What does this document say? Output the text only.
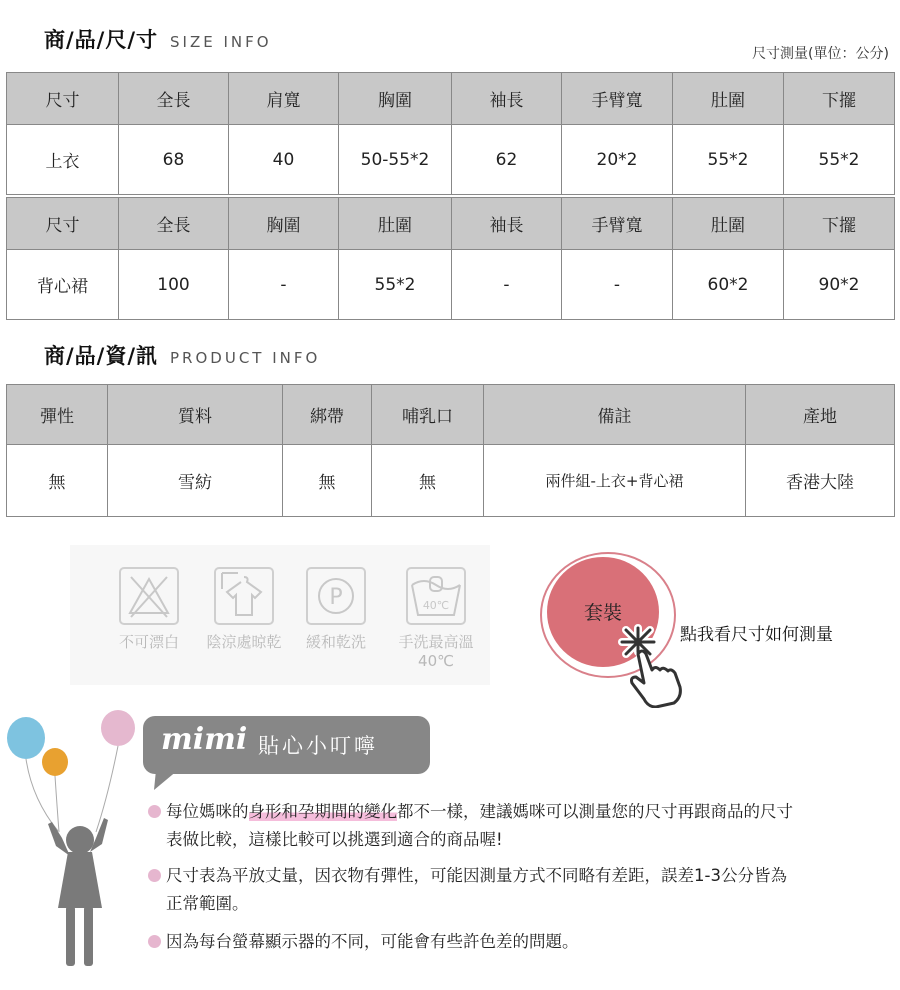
商/品/尺/寸 SIZE INFO
尺寸測量(單位：公分)
尺寸	全長	肩寬	胸圍	袖長	手臂寬	肚圍	下擺
上衣	68	40	50-55*2	62	20*2	55*2	55*2
尺寸	全長	胸圍	肚圍	袖長	手臂寬	肚圍	下擺
背心裙	100	-	55*2	-	-	60*2	90*2
商/品/資/訊 PRODUCT INFO
彈性	質料	綁帶	哺乳口	備註	產地
無	雪紡	無	無	兩件組-上衣+背心裙	香港大陸
不可漂白	陰涼處晾乾
P
緩和乾洗
40℃
手洗最高溫
40℃
套裝
點我看尺寸如何測量
mimi 貼心小叮嚀
每位媽咪的身形和孕期間的變化都不一樣，建議媽咪可以測量您的尺寸再跟商品的尺寸
表做比較，這樣比較可以挑選到適合的商品喔!
尺寸表為平放丈量，因衣物有彈性，可能因測量方式不同略有差距，誤差1-3公分皆為
正常範圍。
因為每台螢幕顯示器的不同，可能會有些許色差的問題。
